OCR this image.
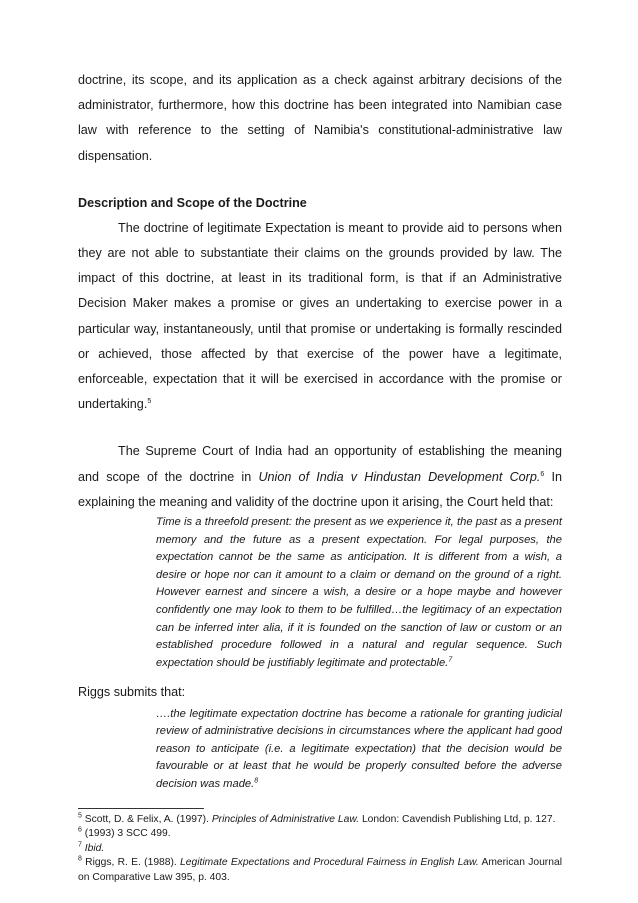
doctrine, its scope, and its application as a check against arbitrary decisions of the administrator, furthermore, how this doctrine has been integrated into Namibian case law with reference to the setting of Namibia's constitutional-administrative law dispensation.

Description and Scope of the Doctrine

The doctrine of legitimate Expectation is meant to provide aid to persons when they are not able to substantiate their claims on the grounds provided by law. The impact of this doctrine, at least in its traditional form, is that if an Administrative Decision Maker makes a promise or gives an undertaking to exercise power in a particular way, instantaneously, until that promise or undertaking is formally rescinded or achieved, those affected by that exercise of the power have a legitimate, enforceable, expectation that it will be exercised in accordance with the promise or undertaking.$^5$

The Supreme Court of India had an opportunity of establishing the meaning and scope of the doctrine in Union of India v Hindustan Development Corp.$^6$ In explaining the meaning and validity of the doctrine upon it arising, the Court held that:

Time is a threefold present: the present as we experience it, the past as a present memory and the future as a present expectation. For legal purposes, the expectation cannot be the same as anticipation. It is different from a wish, a desire or hope nor can it amount to a claim or demand on the ground of a right. However earnest and sincere a wish, a desire or a hope maybe and however confidently one may look to them to be fulfilled…the legitimacy of an expectation can be inferred inter alia, if it is founded on the sanction of law or custom or an established procedure followed in a natural and regular sequence. Such expectation should be justifiably legitimate and protectable.$^7$

Riggs submits that:

….the legitimate expectation doctrine has become a rationale for granting judicial review of administrative decisions in circumstances where the applicant had good reason to anticipate (i.e. a legitimate expectation) that the decision would be favourable or at least that he would be properly consulted before the adverse decision was made.$^8$

$^5$ Scott, D. & Felix, A. (1997). Principles of Administrative Law. London: Cavendish Publishing Ltd, p. 127.

$^6$ (1993) 3 SCC 499.

$^7$ Ibid.

$^8$ Riggs, R. E. (1988). Legitimate Expectations and Procedural Fairness in English Law. American Journal on Comparative Law 395, p. 403.
